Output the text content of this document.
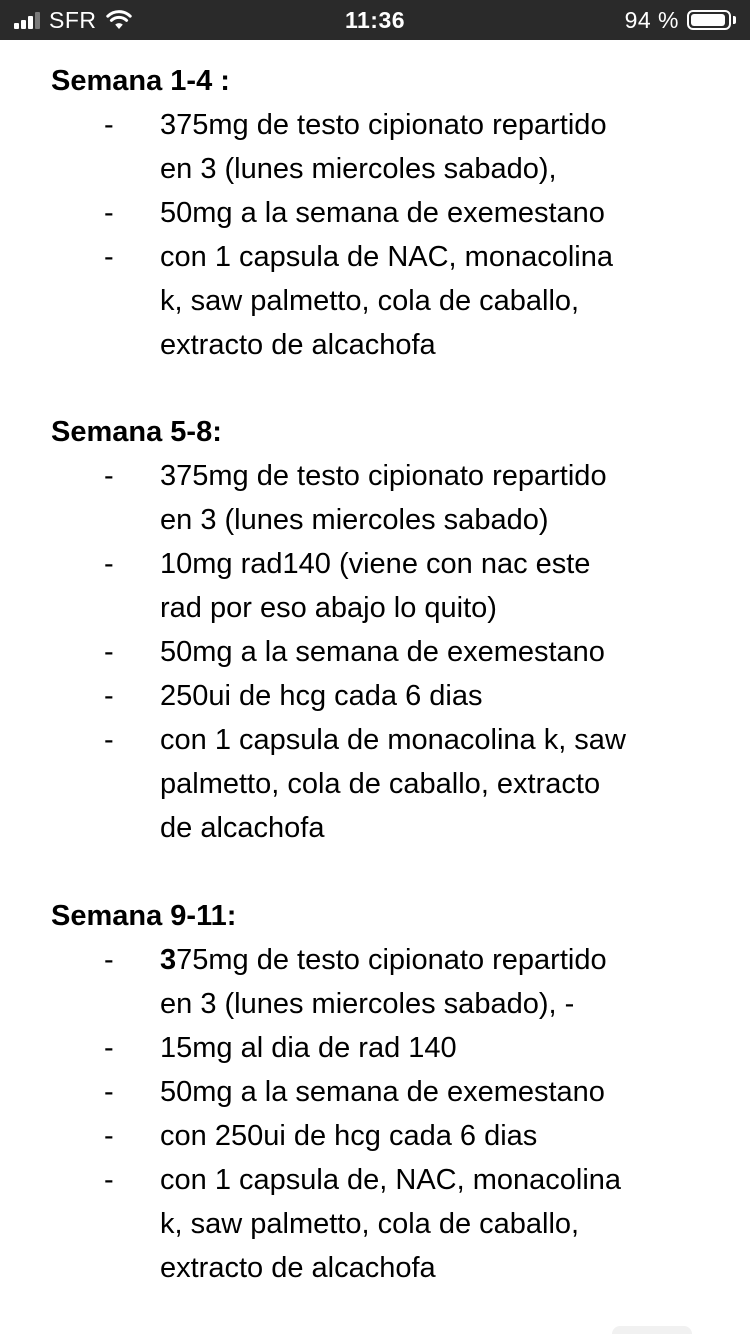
SFR	11:36	94 %
Semana 1-4 :
- 375mg de testo cipionato repartido
en 3 (lunes miercoles sabado),
- 50mg a la semana de exemestano
- con 1 capsula de NAC, monacolina
k, saw palmetto, cola de caballo,
extracto de alcachofa
Semana 5-8:
- 375mg de testo cipionato repartido
en 3 (lunes miercoles sabado)
- 10mg rad140 (viene con nac este
rad por eso abajo lo quito)
- 50mg a la semana de exemestano
- 250ui de hcg cada 6 dias
- con 1 capsula de monacolina k, saw
palmetto, cola de caballo, extracto
de alcachofa
Semana 9-11:
- 375mg de testo cipionato repartido
en 3 (lunes miercoles sabado), -
- 15mg al dia de rad 140
- 50mg a la semana de exemestano
- con 250ui de hcg cada 6 dias
- con 1 capsula de, NAC, monacolina
k, saw palmetto, cola de caballo,
extracto de alcachofa
